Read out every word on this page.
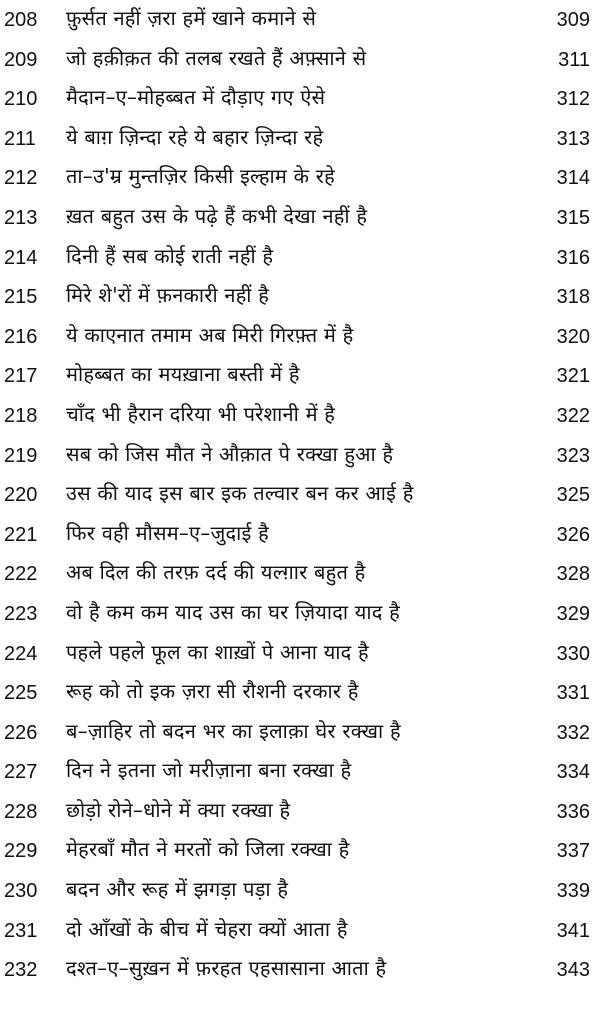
208 फ़ुर्सत नहीं ज़रा हमें खाने कमाने से	309
209 जो हक़ीक़त की तलब रखते हैं अफ़्साने से	311
210 मैदान–ए–मोहब्बत में दौड़ाए गए ऐसे	312
211 ये बाग़ ज़िन्दा रहे ये बहार ज़िन्दा रहे	313
212 ता–उ'म्र मुन्तज़िर किसी इल्हाम के रहे	314
213 ख़त बहुत उस के पढ़े हैं कभी देखा नहीं है	315
214 दिनी हैं सब कोई राती नहीं है	316
215 मिरे शे'रों में फ़नकारी नहीं है	318
216 ये काएनात तमाम अब मिरी गिरफ़्त में है	320
217 मोहब्बत का मयख़ाना बस्ती में है	321
218 चाँद भी हैरान दरिया भी परेशानी में है	322
219 सब को जिस मौत ने औक़ात पे रक्खा हुआ है	323
220 उस की याद इस बार इक तल्वार बन कर आई है	325
221 फिर वही मौसम–ए–जुदाई है	326
222 अब दिल की तरफ़ दर्द की यल्ग़ार बहुत है	328
223 वो है कम कम याद उस का घर ज़ियादा याद है	329
224 पहले पहले फूल का शाख़ों पे आना याद है	330
225 रूह को तो इक ज़रा सी रौशनी दरकार है	331
226 ब–ज़ाहिर तो बदन भर का इलाक़ा घेर रक्खा है	332
227 दिन ने इतना जो मरीज़ाना बना रक्खा है	334
228 छोड़ो रोने–धोने में क्या रक्खा है	336
229 मेहरबाँ मौत ने मरतों को जिला रक्खा है	337
230 बदन और रूह में झगड़ा पड़ा है	339
231 दो आँखों के बीच में चेहरा क्यों आता है	341
232 दश्त–ए–सुख़न में फ़रहत एहसासाना आता है	343
